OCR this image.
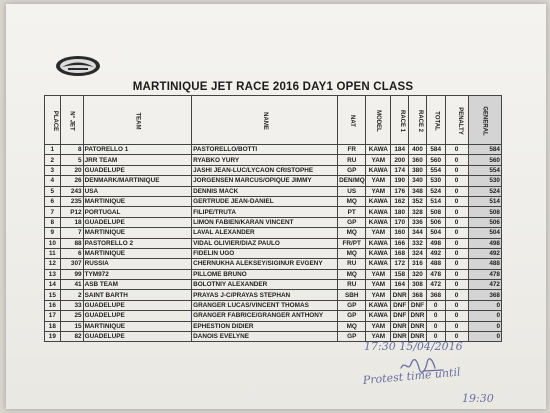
MARTINIQUE JET RACE 2016 DAY1 OPEN CLASS
PLACE	N° JET	TEAM	NAME	NAT	MODEL	RACE 1	RACE 2	TOTAL	PENALTY	GENERAL
1	8	PATORELLO 1	PASTORELLO/BOTTI	FR	KAWA	184	400	584	0	584
2	5	JRR TEAM	RYABKO YURY	RU	YAM	200	360	560	0	560
3	20	GUADELUPE	JASHI JEAN-LUC/LYCAON CRISTOPHE	GP	KAWA	174	380	554	0	554
4	26	DENMARK/MARTINIQUE	JORGENSEN MARCUS/OPIQUE JIMMY	DEN/MQ	YAM	190	340	530	0	530
5	243	USA	DENNIS MACK	US	YAM	176	348	524	0	524
6	235	MARTINIQUE	GERTRUDE JEAN-DANIEL	MQ	KAWA	162	352	514	0	514
7	P12	PORTUGAL	FILIPE/TRUTA	PT	KAWA	180	328	508	0	508
8	18	GUADELUPE	LIMON FABIEN/KARAN VINCENT	GP	KAWA	170	336	506	0	506
9	7	MARTINIQUE	LAVAL ALEXANDER	MQ	YAM	160	344	504	0	504
10	88	PASTORELLO 2	VIDAL OLIVIER/DIAZ PAULO	FR/PT	KAWA	166	332	498	0	498
11	6	MARTINIQUE	FIDELIN UGO	MQ	KAWA	168	324	492	0	492
12	307	RUSSIA	CHERNUKHA ALEKSEY/SIGINUR EVGENY	RU	KAWA	172	316	488	0	488
13	99	TYM972	PILLOME BRUNO	MQ	YAM	158	320	478	0	478
14	41	ASB TEAM	BOLOTNIY ALEXANDER	RU	YAM	164	308	472	0	472
15	2	SAINT BARTH	PRAYAS J-C/PRAYAS STEPHAN	SBH	YAM	DNR	368	368	0	368
16	33	GUADELUPE	GRANGER LUCAS/VINCENT THOMAS	GP	KAWA	DNF	DNF	0	0	0
17	25	GUADELUPE	GRANGER FABRICE/GRANGER ANTHONY	GP	KAWA	DNF	DNR	0	0	0
18	15	MARTINIQUE	EPHESTION DIDIER	MQ	YAM	DNR	DNR	0	0	0
19	82	GUADELUPE	DANOIS EVELYNE	GP	YAM	DNR	DNR	0	0	0
17:30 15/04/2016
Protest time until
19:30
